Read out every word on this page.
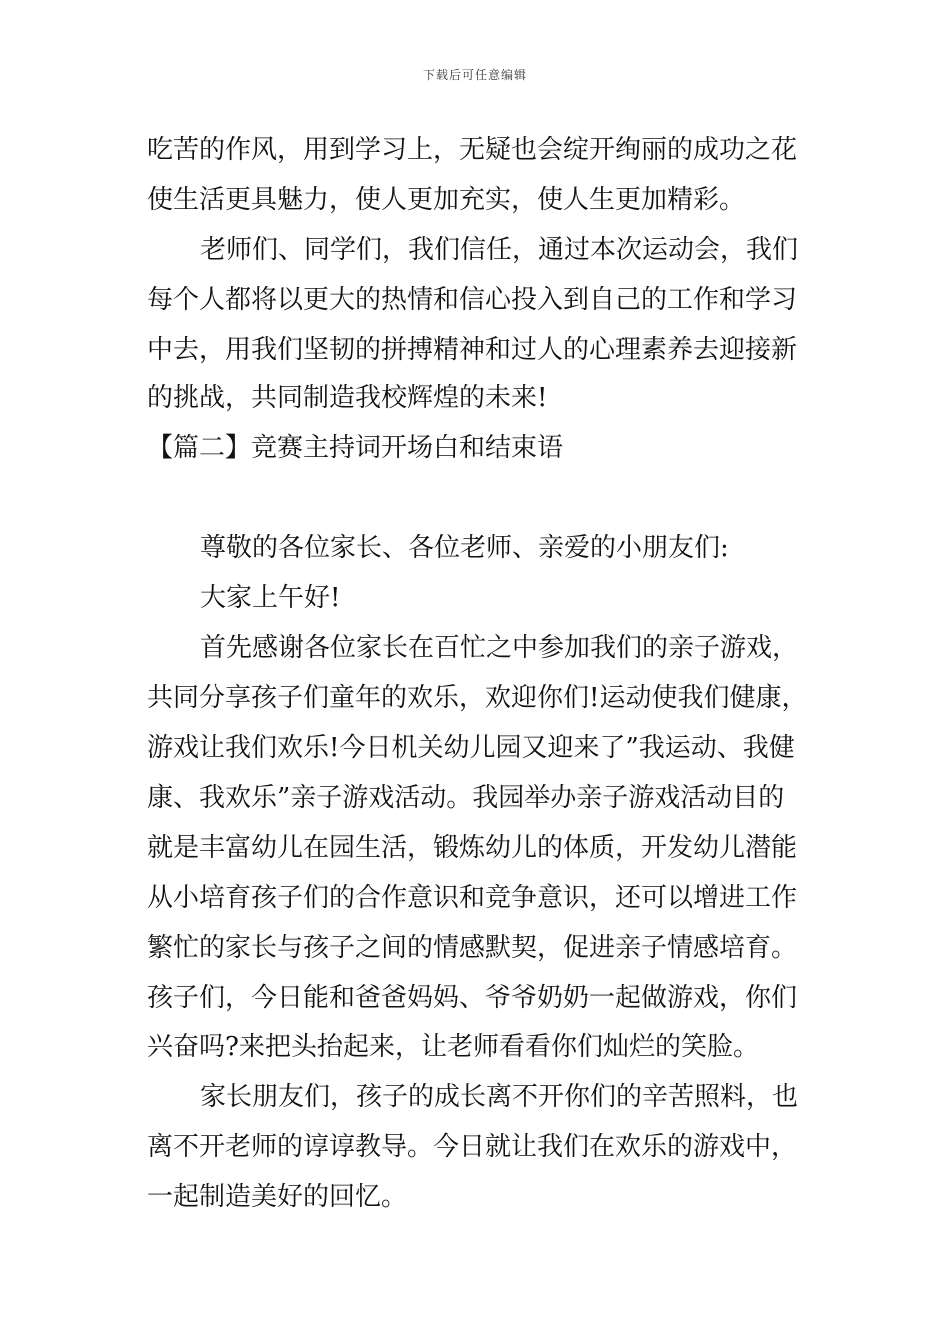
下载后可任意编辑
吃苦的作风，用到学习上，无疑也会绽开绚丽的成功之花
使生活更具魅力，使人更加充实，使人生更加精彩。
老师们、同学们，我们信任，通过本次运动会，我们
每个人都将以更大的热情和信心投入到自己的工作和学习
中去，用我们坚韧的拼搏精神和过人的心理素养去迎接新
的挑战，共同制造我校辉煌的未来!
【篇二】竞赛主持词开场白和结束语
尊敬的各位家长、各位老师、亲爱的小朋友们:
大家上午好!
首先感谢各位家长在百忙之中参加我们的亲子游戏，
共同分享孩子们童年的欢乐，欢迎你们!运动使我们健康，
游戏让我们欢乐!今日机关幼儿园又迎来了”我运动、我健
康、我欢乐”亲子游戏活动。我园举办亲子游戏活动目的
就是丰富幼儿在园生活，锻炼幼儿的体质，开发幼儿潜能
从小培育孩子们的合作意识和竞争意识，还可以增进工作
繁忙的家长与孩子之间的情感默契，促进亲子情感培育。
孩子们，今日能和爸爸妈妈、爷爷奶奶一起做游戏，你们
兴奋吗?来把头抬起来，让老师看看你们灿烂的笑脸。
家长朋友们，孩子的成长离不开你们的辛苦照料，也
离不开老师的谆谆教导。今日就让我们在欢乐的游戏中，
一起制造美好的回忆。
